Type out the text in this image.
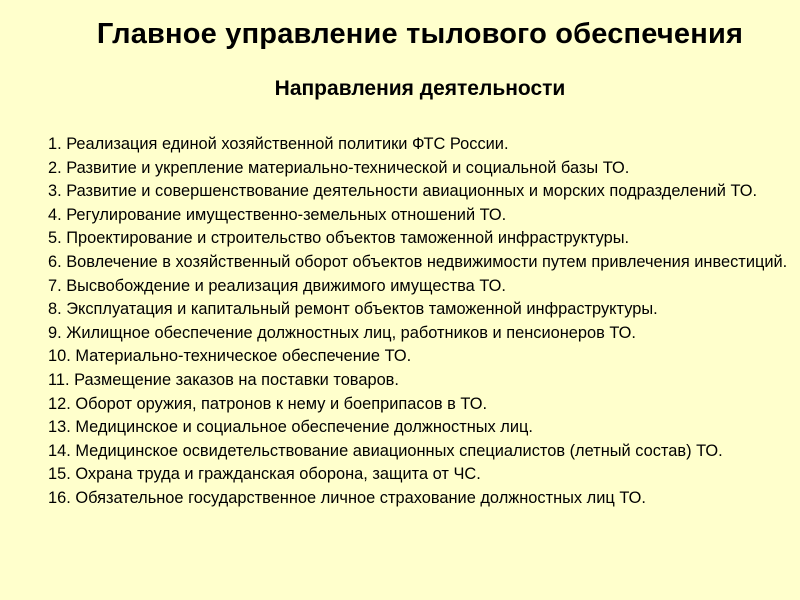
Главное управление тылового обеспечения
Направления деятельности

1. Реализация единой хозяйственной политики ФТС России.

2. Развитие и укрепление материально-технической и социальной базы ТО.

3. Развитие и совершенствование деятельности авиационных и морских подразделений ТО.

4. Регулирование имущественно-земельных отношений ТО.

5. Проектирование и строительство объектов таможенной инфраструктуры.

6. Вовлечение в хозяйственный оборот объектов недвижимости путем привлечения инвестиций.

7. Высвобождение и реализация движимого имущества ТО.

8. Эксплуатация и капитальный ремонт объектов таможенной инфраструктуры.

9. Жилищное обеспечение должностных лиц, работников и пенсионеров ТО.

10. Материально-техническое обеспечение ТО.

11. Размещение заказов на поставки товаров.

12. Оборот оружия, патронов к нему и боеприпасов в ТО.

13. Медицинское и социальное обеспечение должностных лиц.

14. Медицинское освидетельствование авиационных специалистов (летный состав) ТО.

15. Охрана труда и гражданская оборона, защита от ЧС.

16. Обязательное государственное личное страхование должностных лиц ТО.
